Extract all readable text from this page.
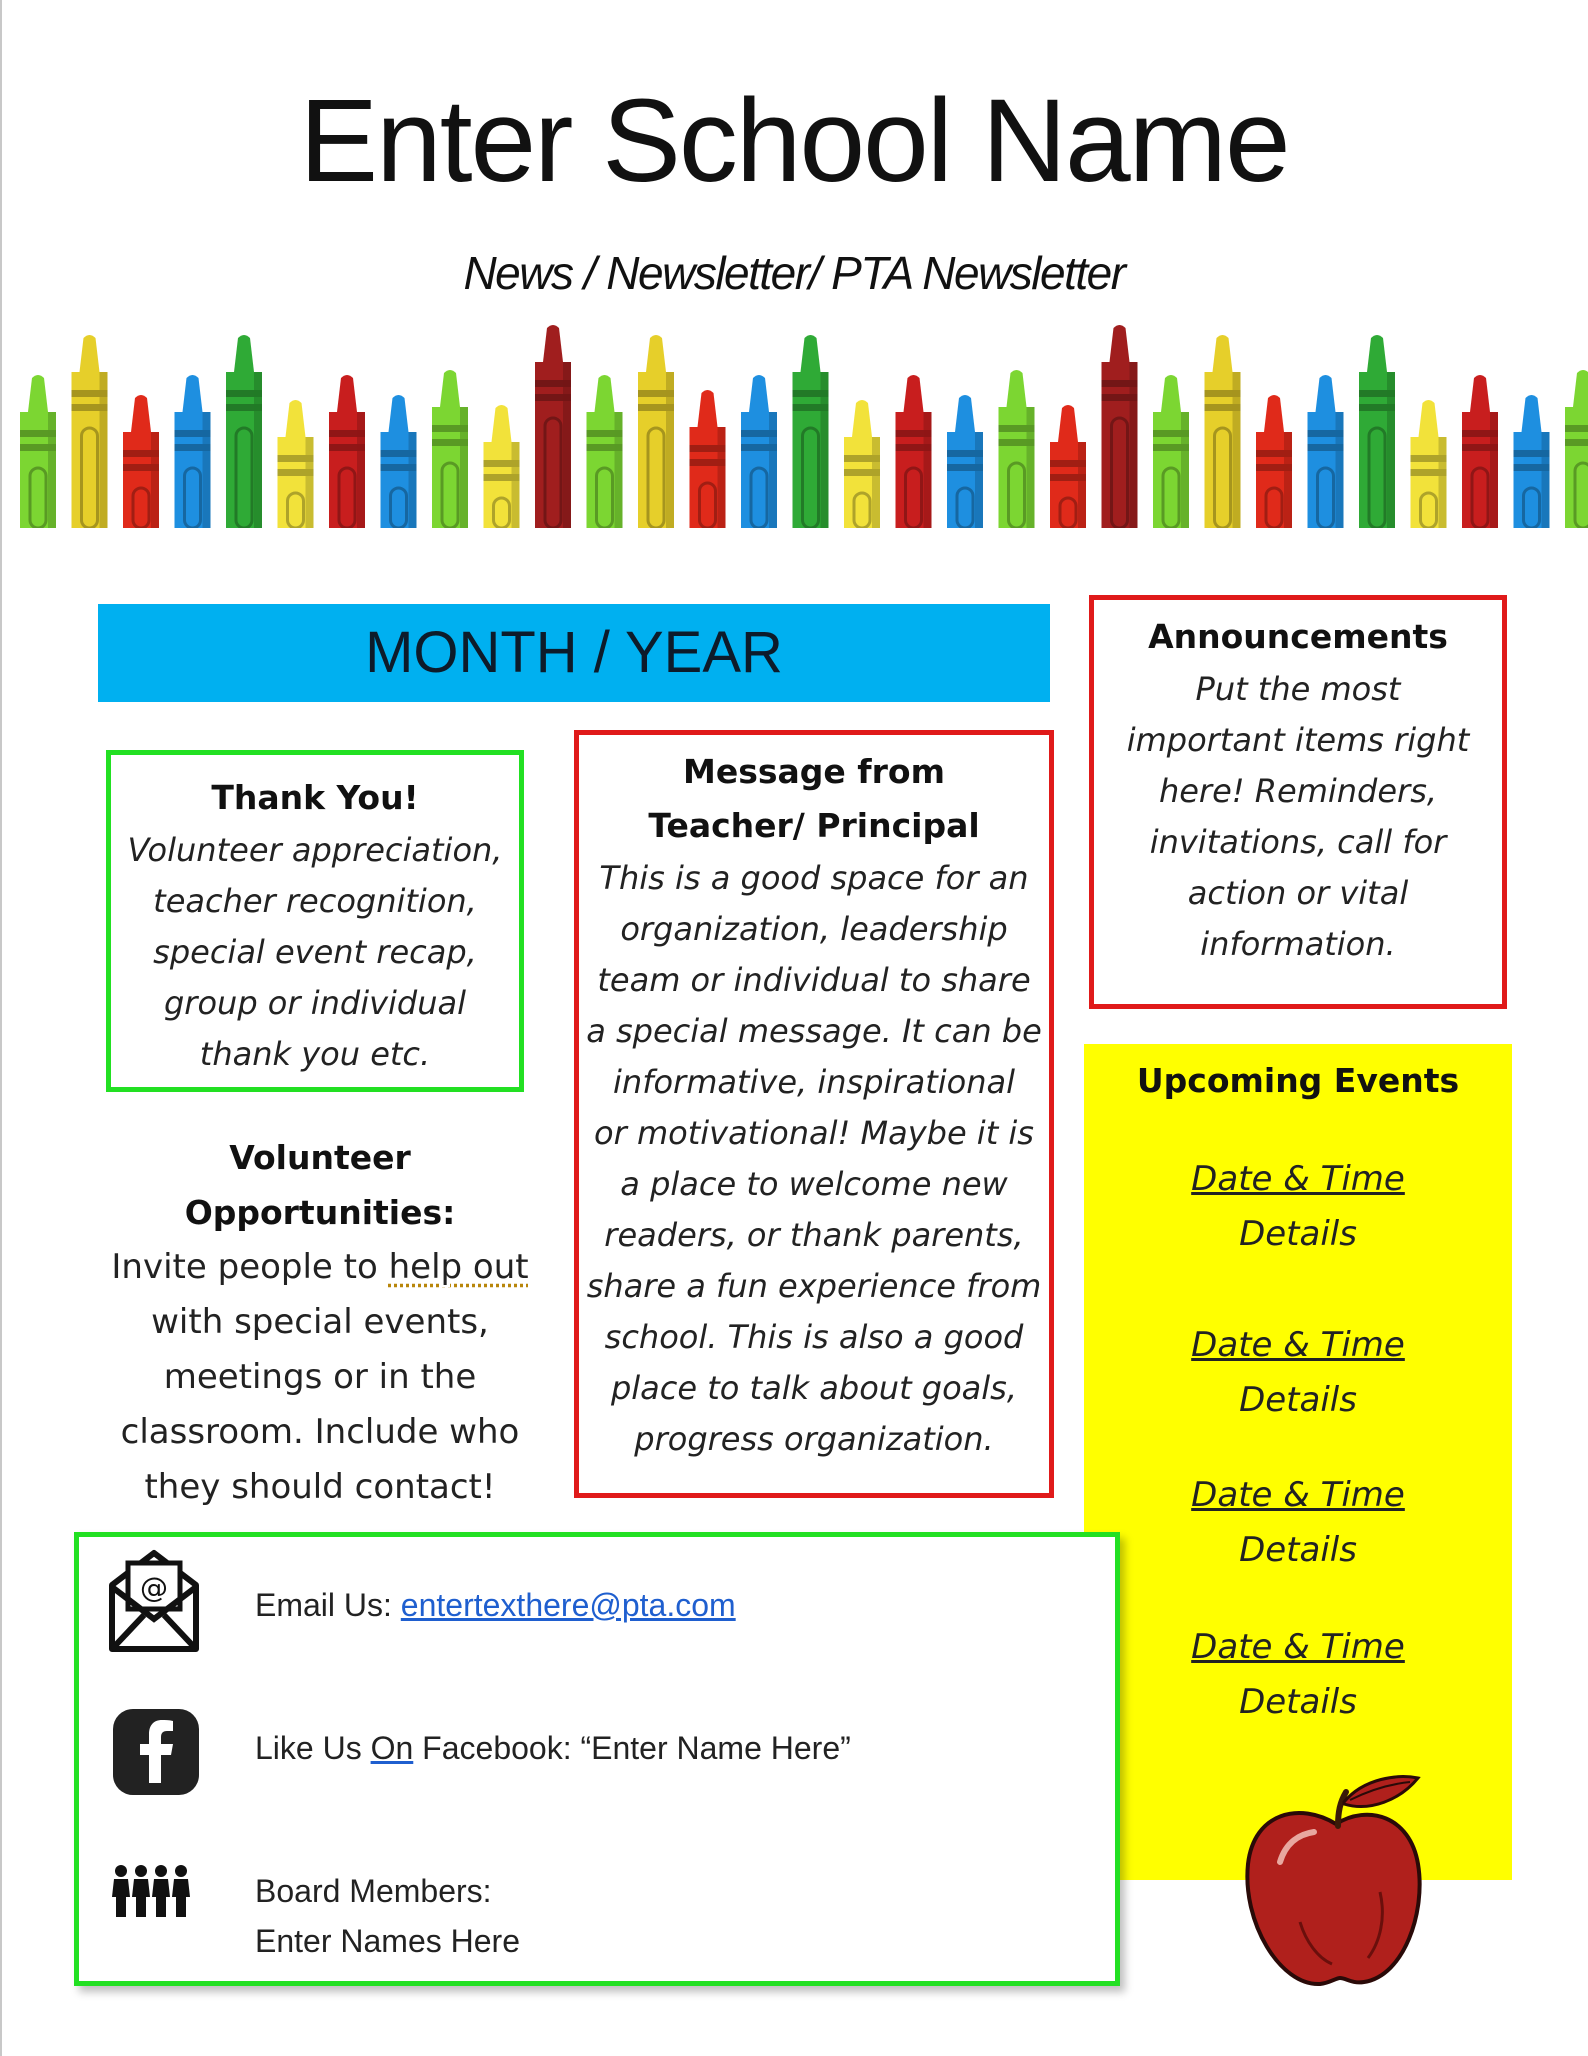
Enter School Name
News / Newsletter/ PTA Newsletter
MONTH / YEAR
Thank You!
Volunteer appreciation,
teacher recognition,
special event recap,
group or individual
thank you etc.
Message from
Teacher/ Principal
This is a good space for an
organization, leadership
team or individual to share
a special message. It can be
informative, inspirational
or motivational! Maybe it is
a place to welcome new
readers, or thank parents,
share a fun experience from
school. This is also a good
place to talk about goals,
progress organization.
Announcements
Put the most
important items right
here! Reminders,
invitations, call for
action or vital
information.
Upcoming Events
Date & Time
Details
Date & Time
Details
Date & Time
Details
Date & Time
Details
Volunteer Opportunities:
Invite people to help out
with special events,
meetings or in the
classroom. Include who
they should contact!
@	Email Us: entertexthere@pta.com
Like Us On Facebook: “Enter Name Here”
Board Members:
Enter Names Here
